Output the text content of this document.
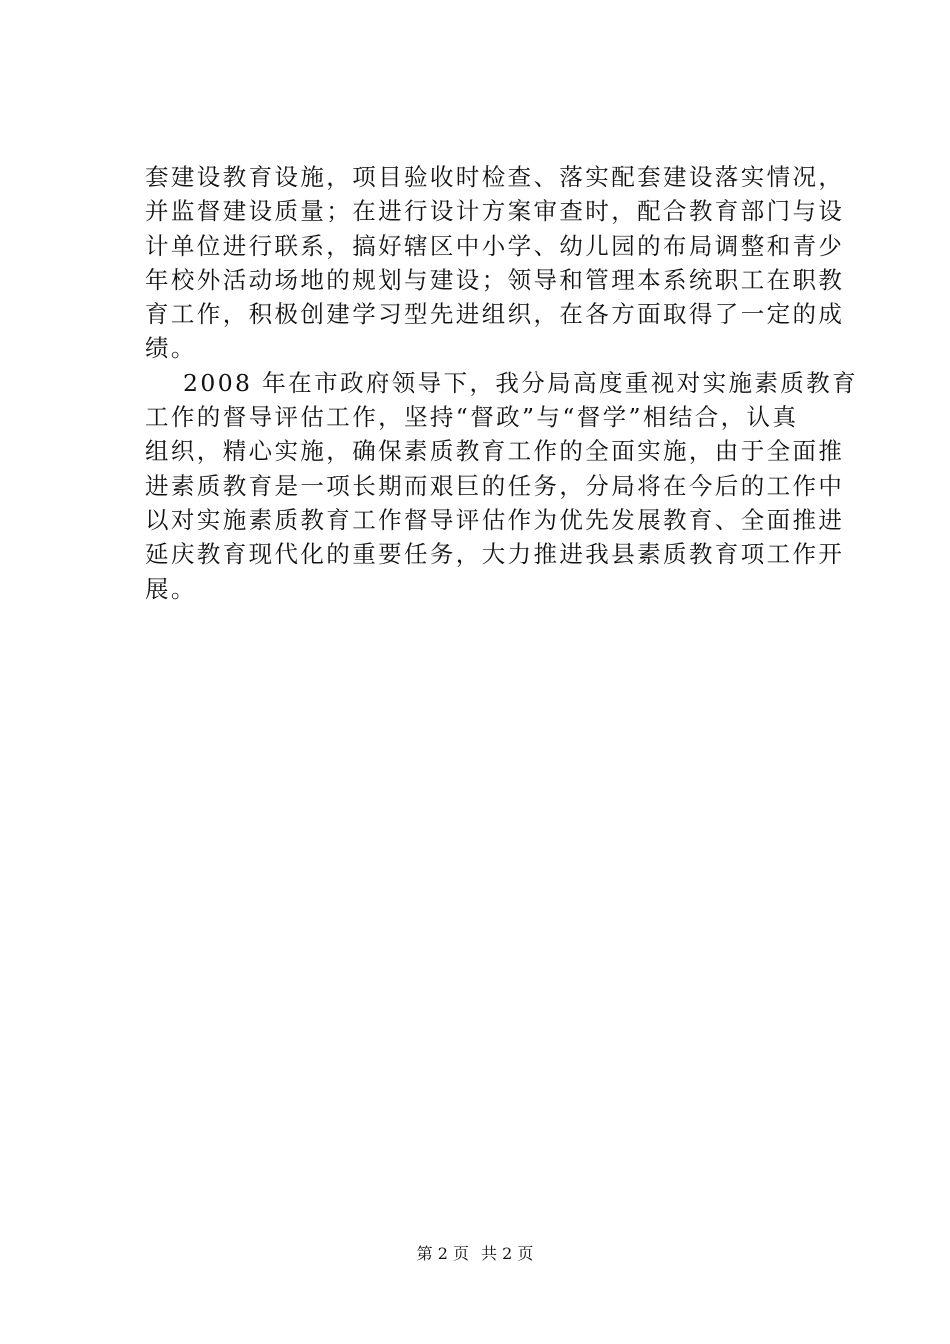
套建设教育设施，项目验收时检查、落实配套建设落实情况，
并监督建设质量；在进行设计方案审查时，配合教育部门与设
计单位进行联系，搞好辖区中小学、幼儿园的布局调整和青少
年校外活动场地的规划与建设；领导和管理本系统职工在职教
育工作，积极创建学习型先进组织，在各方面取得了一定的成
绩。
2008 年在市政府领导下，我分局高度重视对实施素质教育
工作的督导评估工作，坚持“督政”与“督学”相结合，认真
组织，精心实施，确保素质教育工作的全面实施，由于全面推
进素质教育是一项长期而艰巨的任务，分局将在今后的工作中
以对实施素质教育工作督导评估作为优先发展教育、全面推进
延庆教育现代化的重要任务，大力推进我县素质教育项工作开
展。
第 2 页 共 2 页
